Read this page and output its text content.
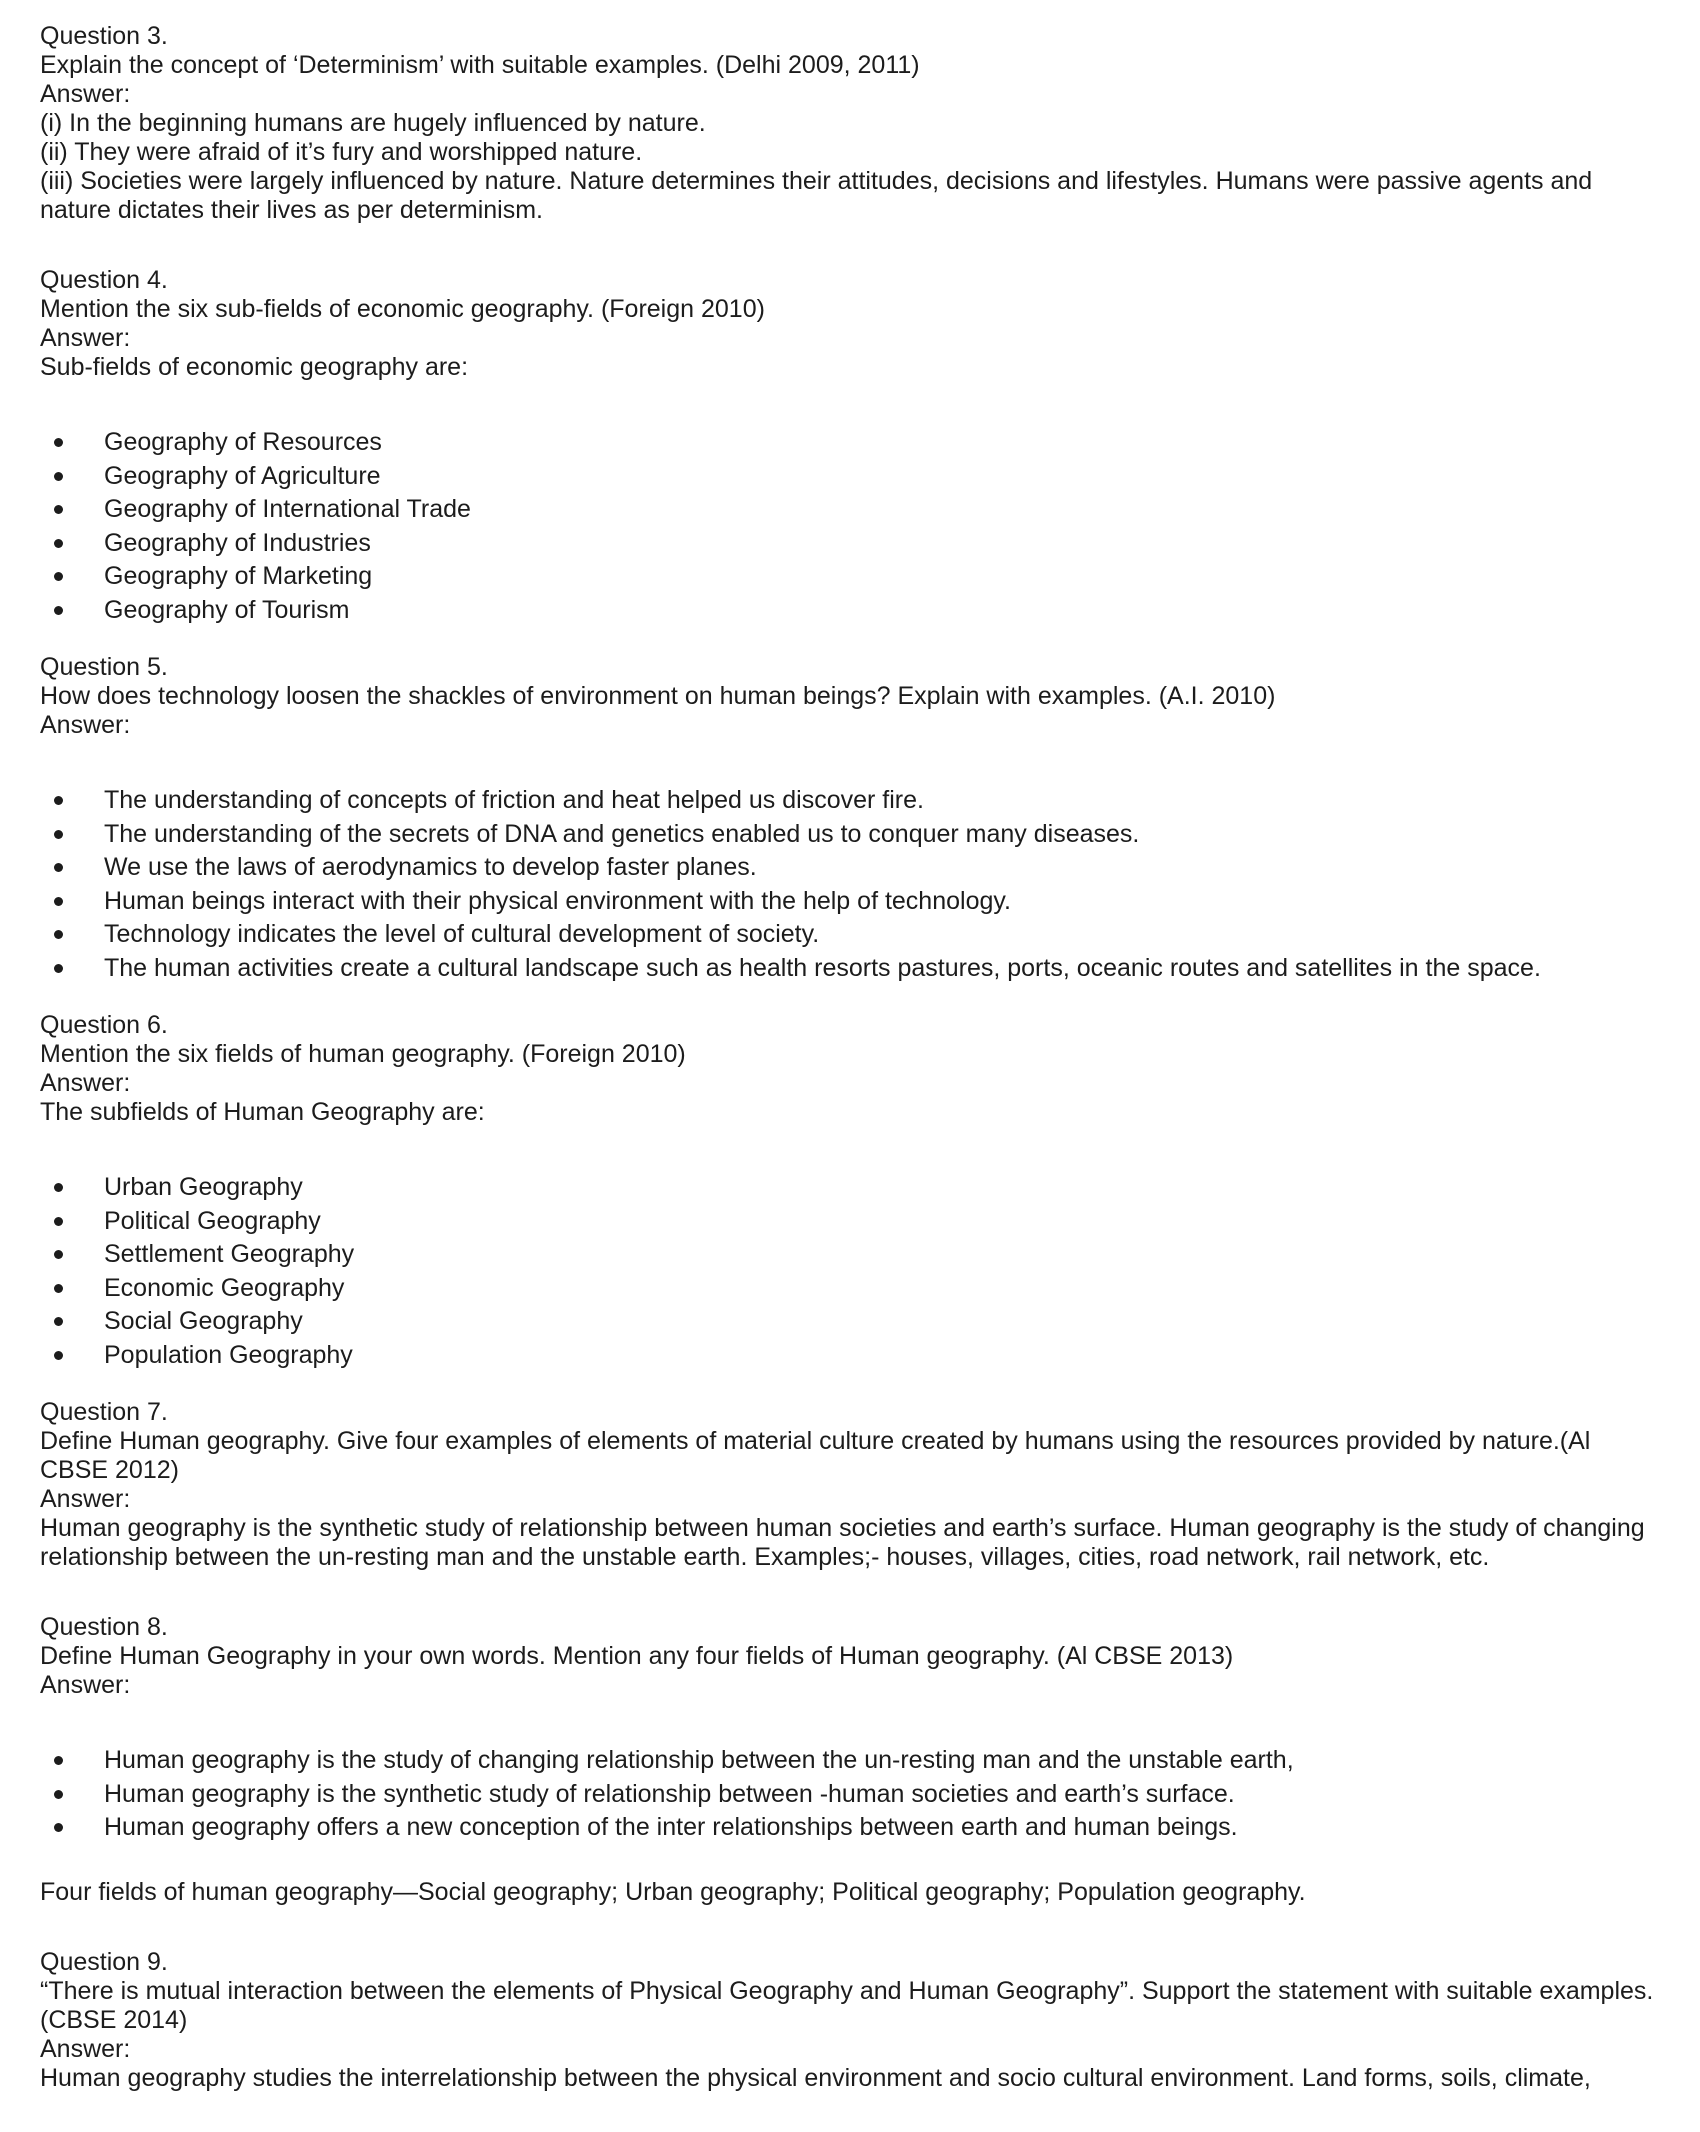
Question 3.
Explain the concept of ‘Determinism’ with suitable examples. (Delhi 2009, 2011)
Answer:
(i) In the beginning humans are hugely influenced by nature.
(ii) They were afraid of it’s fury and worshipped nature.
(iii) Societies were largely influenced by nature. Nature determines their attitudes, decisions and lifestyles. Humans were passive agents and
nature dictates their lives as per determinism.
Question 4.
Mention the six sub-fields of economic geography. (Foreign 2010)
Answer:
Sub-fields of economic geography are:
Geography of Resources
Geography of Agriculture
Geography of International Trade
Geography of Industries
Geography of Marketing
Geography of Tourism
Question 5.
How does technology loosen the shackles of environment on human beings? Explain with examples. (A.I. 2010)
Answer:
The understanding of concepts of friction and heat helped us discover fire.
The understanding of the secrets of DNA and genetics enabled us to conquer many diseases.
We use the laws of aerodynamics to develop faster planes.
Human beings interact with their physical environment with the help of technology.
Technology indicates the level of cultural development of society.
The human activities create a cultural landscape such as health resorts pastures, ports, oceanic routes and satellites in the space.
Question 6.
Mention the six fields of human geography. (Foreign 2010)
Answer:
The subfields of Human Geography are:
Urban Geography
Political Geography
Settlement Geography
Economic Geography
Social Geography
Population Geography
Question 7.
Define Human geography. Give four examples of elements of material culture created by humans using the resources provided by nature.(Al
CBSE 2012)
Answer:
Human geography is the synthetic study of relationship between human societies and earth’s surface. Human geography is the study of changing
relationship between the un-resting man and the unstable earth. Examples;- houses, villages, cities, road network, rail network, etc.
Question 8.
Define Human Geography in your own words. Mention any four fields of Human geography. (Al CBSE 2013)
Answer:
Human geography is the study of changing relationship between the un-resting man and the unstable earth,
Human geography is the synthetic study of relationship between -human societies and earth’s surface.
Human geography offers a new conception of the inter relationships between earth and human beings.
Four fields of human geography—Social geography; Urban geography; Political geography; Population geography.
Question 9.
“There is mutual interaction between the elements of Physical Geography and Human Geography”. Support the statement with suitable examples.
(CBSE 2014)
Answer:
Human geography studies the interrelationship between the physical environment and socio cultural environment. Land forms, soils, climate,
